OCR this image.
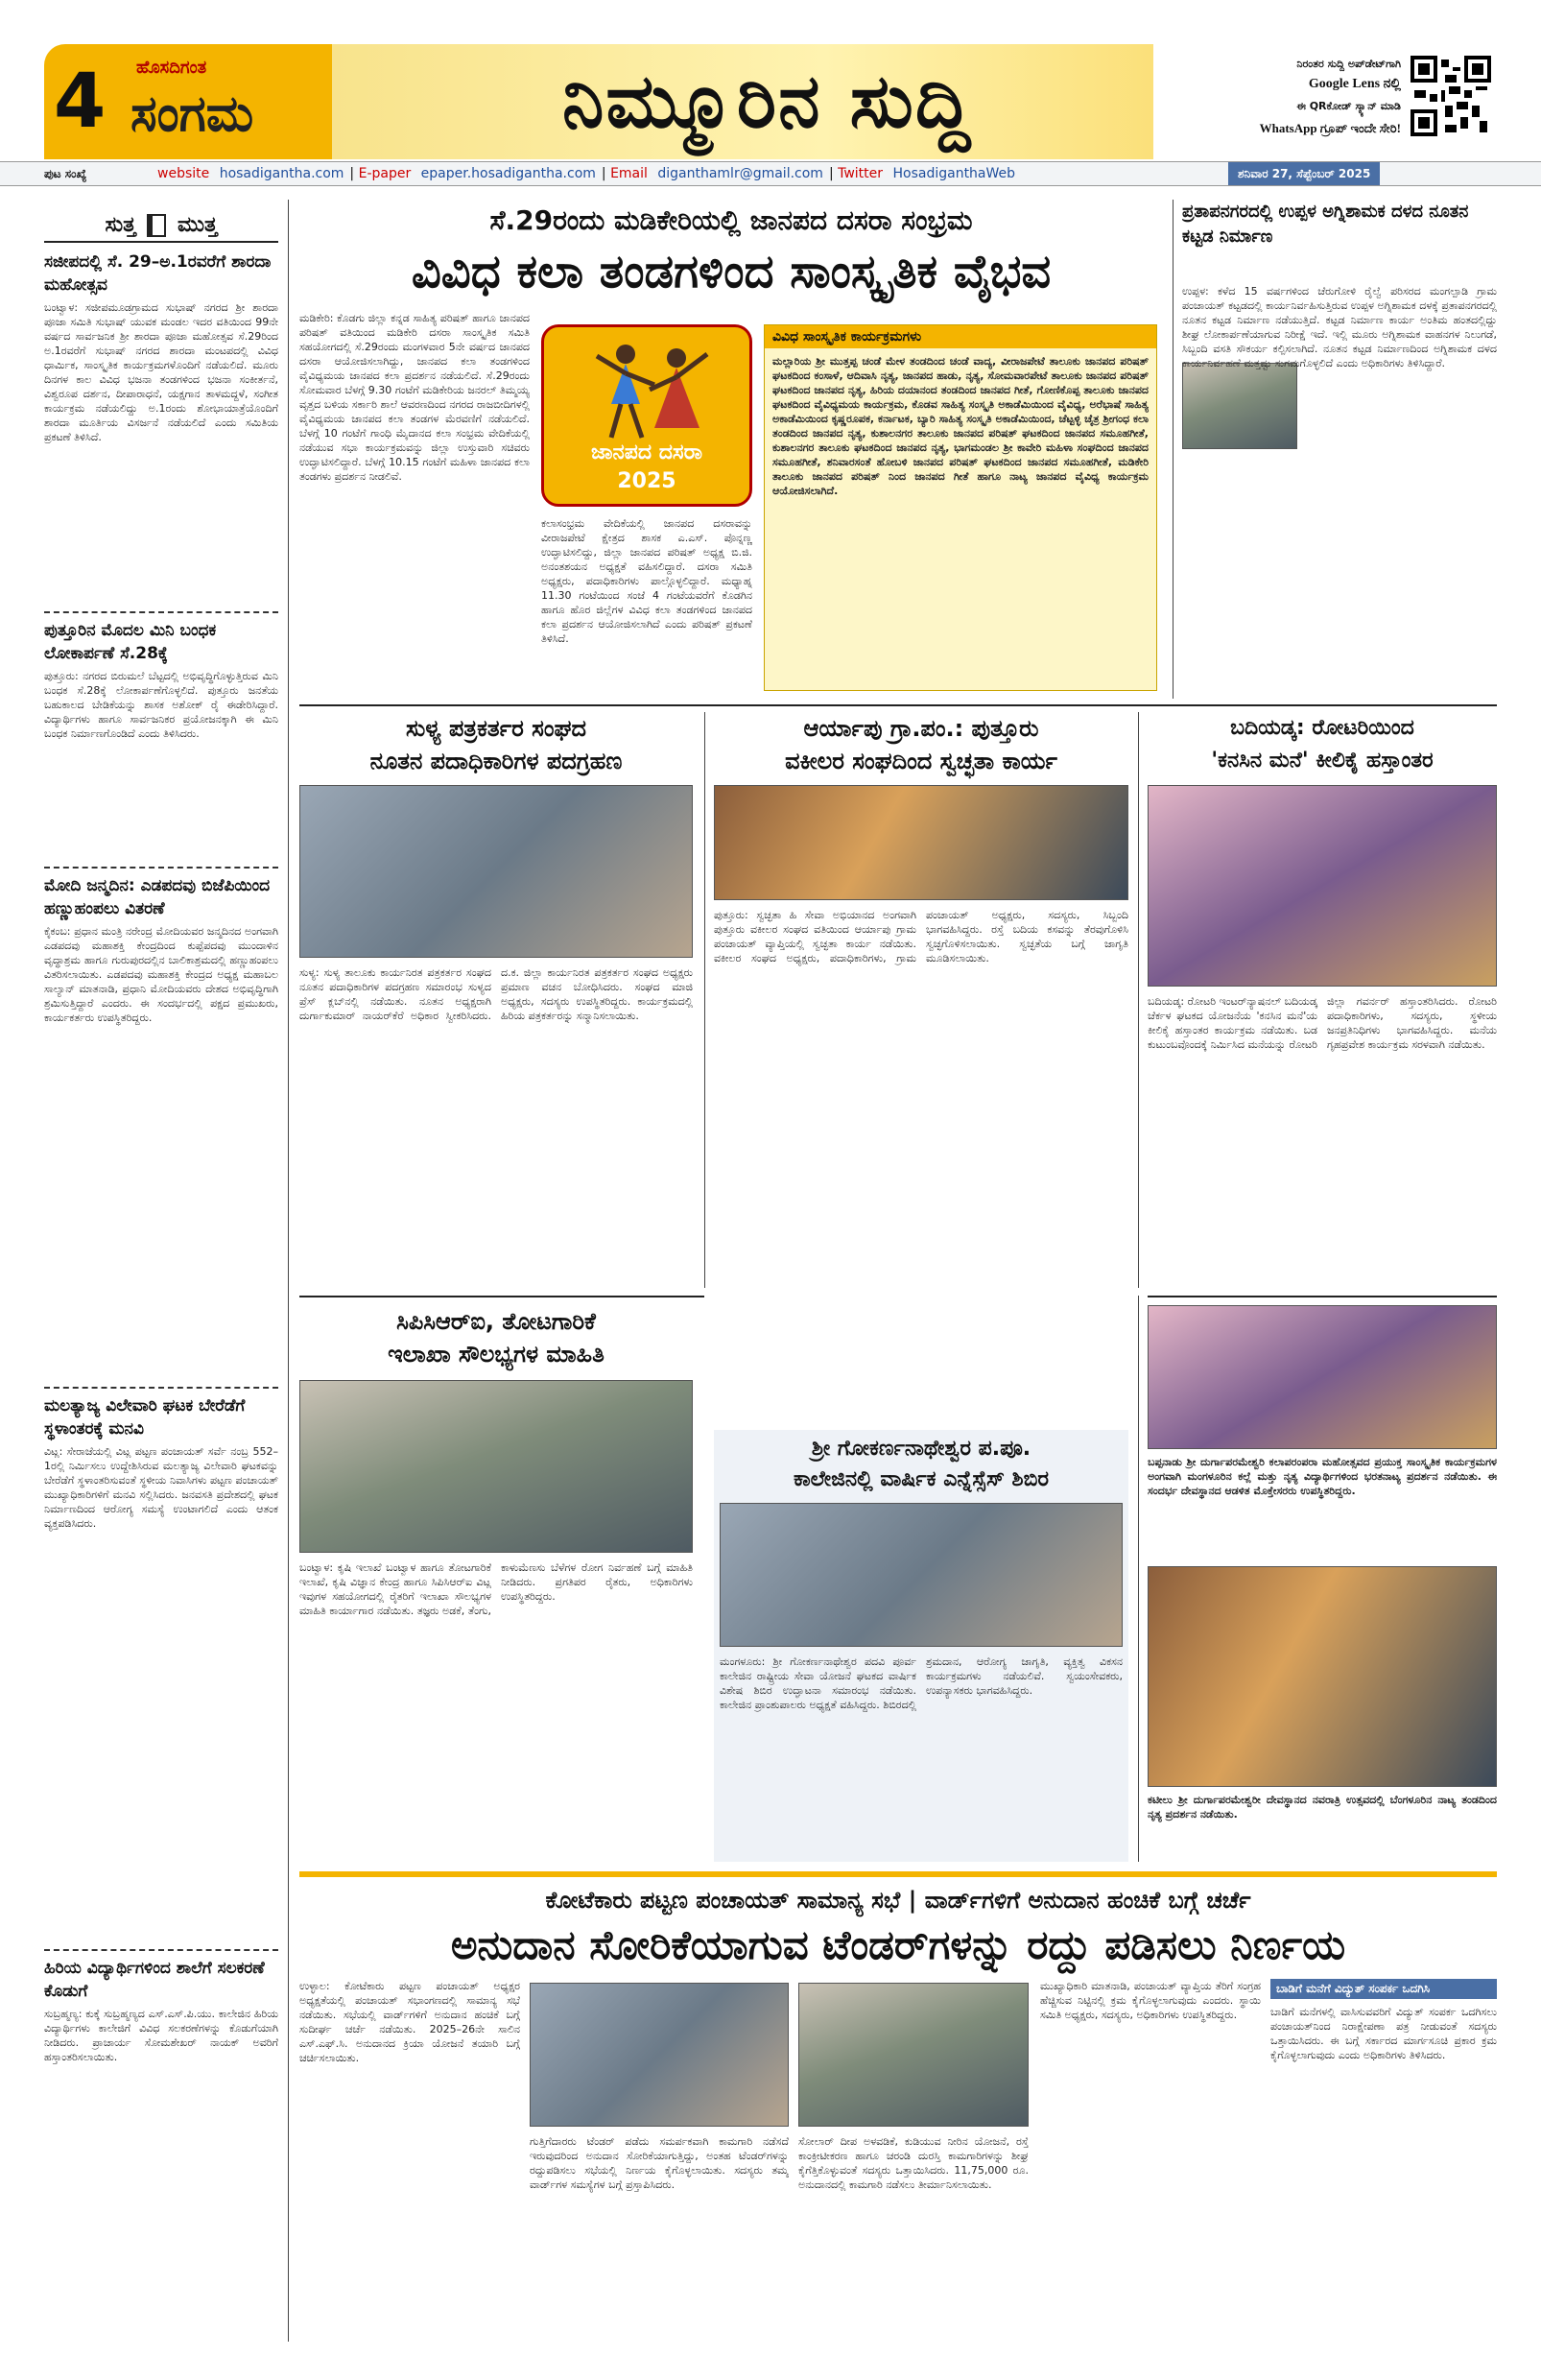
4 ಹೊಸದಿಗಂತ
ಸಂಗಮ	ನಿಮ್ಮೂರಿನ ಸುದ್ದಿ	ನಿರಂತರ ಸುದ್ದಿ ಅಪ್‌ಡೇಟ್‌ಗಾಗಿ
Google Lens ನಲ್ಲಿ
ಈ QRಕೋಡ್ ಸ್ಕ್ಯಾನ್ ಮಾಡಿ
WhatsApp ಗ್ರೂಪ್ ಇಂದೇ ಸೇರಿ!
ಪುಟ ಸಂಖ್ಯೆ	website hosadigantha.com | E-paper epaper.hosadigantha.com | Email diganthamlr@gmail.com | Twitter HosadiganthaWeb	ಶನಿವಾರ 27, ಸೆಪ್ಟೆಂಬರ್ 2025
ಸುತ್ತ ಮುತ್ತ
ಸಜೀಪದಲ್ಲಿ ಸೆ. 29–ಅ.1ರವರೆಗೆ ಶಾರದಾ ಮಹೋತ್ಸವ
ಬಂಟ್ವಾಳ: ಸಜೀಪಮೂಡಗ್ರಾಮದ ಸುಭಾಷ್ ನಗರದ ಶ್ರೀ ಶಾರದಾ ಪೂಜಾ ಸಮಿತಿ ಸುಭಾಷ್ ಯುವಕ ಮಂಡಲ ಇದರ ವತಿಯಿಂದ 99ನೇ ವರ್ಷದ ಸಾರ್ವಜನಿಕ ಶ್ರೀ ಶಾರದಾ ಪೂಜಾ ಮಹೋತ್ಸವ ಸೆ.29ರಿಂದ ಅ.1ರವರೆಗೆ ಸುಭಾಷ್ ನಗರದ ಶಾರದಾ ಮಂಟಪದಲ್ಲಿ ವಿವಿಧ ಧಾರ್ಮಿಕ, ಸಾಂಸ್ಕೃತಿಕ ಕಾರ್ಯಕ್ರಮಗಳೊಂದಿಗೆ ನಡೆಯಲಿದೆ. ಮೂರು ದಿನಗಳ ಕಾಲ ವಿವಿಧ ಭಜನಾ ತಂಡಗಳಿಂದ ಭಜನಾ ಸಂಕೀರ್ತನೆ, ವಿಶ್ವರೂಪ ದರ್ಶನ, ದೀಪಾರಾಧನೆ, ಯಕ್ಷಗಾನ ತಾಳಮದ್ದಳೆ, ಸಂಗೀತ ಕಾರ್ಯಕ್ರಮ ನಡೆಯಲಿದ್ದು ಅ.1ರಂದು ಶೋಭಾಯಾತ್ರೆಯೊಂದಿಗೆ ಶಾರದಾ ಮೂರ್ತಿಯ ವಿಸರ್ಜನೆ ನಡೆಯಲಿದೆ ಎಂದು ಸಮಿತಿಯ ಪ್ರಕಟಣೆ ತಿಳಿಸಿದೆ.
ಪುತ್ತೂರಿನ ಮೊದಲ ಮಿನಿ ಬಂಧಕ ಲೋಕಾರ್ಪಣೆ ಸೆ.28ಕ್ಕೆ
ಪುತ್ತೂರು: ನಗರದ ಬಿರುಮಲೆ ಬೆಟ್ಟದಲ್ಲಿ ಅಭಿವೃದ್ಧಿಗೊಳ್ಳುತ್ತಿರುವ ಮಿನಿ ಬಂಧಕ ಸೆ.28ಕ್ಕೆ ಲೋಕಾರ್ಪಣೆಗೊಳ್ಳಲಿದೆ. ಪುತ್ತೂರು ಜನತೆಯ ಬಹುಕಾಲದ ಬೇಡಿಕೆಯನ್ನು ಶಾಸಕ ಅಶೋಕ್ ರೈ ಈಡೇರಿಸಿದ್ದಾರೆ. ವಿದ್ಯಾರ್ಥಿಗಳು ಹಾಗೂ ಸಾರ್ವಜನಿಕರ ಪ್ರಯೋಜನಕ್ಕಾಗಿ ಈ ಮಿನಿ ಬಂಧಕ ನಿರ್ಮಾಣಗೊಂಡಿದೆ ಎಂದು ತಿಳಿಸಿದರು.
ಮೋದಿ ಜನ್ಮದಿನ: ಎಡಪದವು ಬಿಜೆಪಿಯಿಂದ ಹಣ್ಣುಹಂಪಲು ವಿತರಣೆ
ಕೈಕಂಬ: ಪ್ರಧಾನ ಮಂತ್ರಿ ನರೇಂದ್ರ ಮೋದಿಯವರ ಜನ್ಮದಿನದ ಅಂಗವಾಗಿ ಎಡಪದವು ಮಹಾಶಕ್ತಿ ಕೇಂದ್ರದಿಂದ ಕುಪ್ಪೆಪದವು ಮುಂದಾಳಿನ ವೃದ್ಧಾಶ್ರಮ ಹಾಗೂ ಗುರುಪುರದಲ್ಲಿನ ಬಾಲಿಕಾಶ್ರಮದಲ್ಲಿ ಹಣ್ಣುಹಂಪಲು ವಿತರಿಸಲಾಯಿತು. ಎಡಪದವು ಮಹಾಶಕ್ತಿ ಕೇಂದ್ರದ ಅಧ್ಯಕ್ಷ ಮಹಾಬಲ ಸಾಲ್ಯಾನ್ ಮಾತನಾಡಿ, ಪ್ರಧಾನಿ ಮೋದಿಯವರು ದೇಶದ ಅಭಿವೃದ್ಧಿಗಾಗಿ ಶ್ರಮಿಸುತ್ತಿದ್ದಾರೆ ಎಂದರು. ಈ ಸಂದರ್ಭದಲ್ಲಿ ಪಕ್ಷದ ಪ್ರಮುಖರು, ಕಾರ್ಯಕರ್ತರು ಉಪಸ್ಥಿತರಿದ್ದರು.
ಮಲತ್ಯಾಜ್ಯ ವಿಲೇವಾರಿ ಘಟಕ ಬೇರೆಡೆಗೆ ಸ್ಥಳಾಂತರಕ್ಕೆ ಮನವಿ
ವಿಟ್ಲ: ಸೇರಾಜೆಯಲ್ಲಿ ವಿಟ್ಲ ಪಟ್ಟಣ ಪಂಚಾಯತ್ ಸರ್ವೆ ನಂಬ್ರ 552–1ರಲ್ಲಿ ನಿರ್ಮಿಸಲು ಉದ್ದೇಶಿಸಿರುವ ಮಲತ್ಯಾಜ್ಯ ವಿಲೇವಾರಿ ಘಟಕವನ್ನು ಬೇರೆಡೆಗೆ ಸ್ಥಳಾಂತರಿಸುವಂತೆ ಸ್ಥಳೀಯ ನಿವಾಸಿಗಳು ಪಟ್ಟಣ ಪಂಚಾಯತ್ ಮುಖ್ಯಾಧಿಕಾರಿಗಳಿಗೆ ಮನವಿ ಸಲ್ಲಿಸಿದರು. ಜನವಸತಿ ಪ್ರದೇಶದಲ್ಲಿ ಘಟಕ ನಿರ್ಮಾಣದಿಂದ ಆರೋಗ್ಯ ಸಮಸ್ಯೆ ಉಂಟಾಗಲಿದೆ ಎಂದು ಆತಂಕ ವ್ಯಕ್ತಪಡಿಸಿದರು.
ಹಿರಿಯ ವಿದ್ಯಾರ್ಥಿಗಳಿಂದ ಶಾಲೆಗೆ ಸಲಕರಣೆ ಕೊಡುಗೆ
ಸುಬ್ರಹ್ಮಣ್ಯ: ಕುಕ್ಕೆ ಸುಬ್ರಹ್ಮಣ್ಯದ ಎಸ್.ಎಸ್.ಪಿ.ಯು. ಕಾಲೇಜಿನ ಹಿರಿಯ ವಿದ್ಯಾರ್ಥಿಗಳು ಕಾಲೇಜಿಗೆ ವಿವಿಧ ಸಲಕರಣೆಗಳನ್ನು ಕೊಡುಗೆಯಾಗಿ ನೀಡಿದರು. ಪ್ರಾಚಾರ್ಯ ಸೋಮಶೇಖರ್ ನಾಯಕ್ ಅವರಿಗೆ ಹಸ್ತಾಂತರಿಸಲಾಯಿತು.
ಸೆ.29ರಂದು ಮಡಿಕೇರಿಯಲ್ಲಿ ಜಾನಪದ ದಸರಾ ಸಂಭ್ರಮ
ವಿವಿಧ ಕಲಾ ತಂಡಗಳಿಂದ ಸಾಂಸ್ಕೃತಿಕ ವೈಭವ
ಮಡಿಕೇರಿ: ಕೊಡಗು ಜಿಲ್ಲಾ ಕನ್ನಡ ಸಾಹಿತ್ಯ ಪರಿಷತ್ ಹಾಗೂ ಜಾನಪದ ಪರಿಷತ್ ವತಿಯಿಂದ ಮಡಿಕೇರಿ ದಸರಾ ಸಾಂಸ್ಕೃತಿಕ ಸಮಿತಿ ಸಹಯೋಗದಲ್ಲಿ ಸೆ.29ರಂದು ಮಂಗಳವಾರ 5ನೇ ವರ್ಷದ ಜಾನಪದ ದಸರಾ ಆಯೋಜಿಸಲಾಗಿದ್ದು, ಜಾನಪದ ಕಲಾ ತಂಡಗಳಿಂದ ವೈವಿಧ್ಯಮಯ ಜಾನಪದ ಕಲಾ ಪ್ರದರ್ಶನ ನಡೆಯಲಿದೆ. ಸೆ.29ರಂದು ಸೋಮವಾರ ಬೆಳಗ್ಗೆ 9.30 ಗಂಟೆಗೆ ಮಡಿಕೇರಿಯ ಜನರಲ್ ತಿಮ್ಮಯ್ಯ ವೃತ್ತದ ಬಳಿಯ ಸರ್ಕಾರಿ ಶಾಲೆ ಆವರಣದಿಂದ ನಗರದ ರಾಜಬೀದಿಗಳಲ್ಲಿ ವೈವಿಧ್ಯಮಯ ಜಾನಪದ ಕಲಾ ತಂಡಗಳ ಮೆರವಣಿಗೆ ನಡೆಯಲಿದೆ. ಬೆಳಗ್ಗೆ 10 ಗಂಟೆಗೆ ಗಾಂಧಿ ಮೈದಾನದ ಕಲಾ ಸಂಭ್ರಮ ವೇದಿಕೆಯಲ್ಲಿ ನಡೆಯುವ ಸಭಾ ಕಾರ್ಯಕ್ರಮವನ್ನು ಜಿಲ್ಲಾ ಉಸ್ತುವಾರಿ ಸಚಿವರು ಉದ್ಘಾಟಿಸಲಿದ್ದಾರೆ. ಬೆಳಗ್ಗೆ 10.15 ಗಂಟೆಗೆ ಮಹಿಳಾ ಜಾನಪದ ಕಲಾ ತಂಡಗಳು ಪ್ರದರ್ಶನ ನೀಡಲಿವೆ.
ಜಾನಪದ ದಸರಾ
2025
ಕಲಾಸಂಭ್ರಮ ವೇದಿಕೆಯಲ್ಲಿ ಜಾನಪದ ದಸರಾವನ್ನು ವೀರಾಜಪೇಟೆ ಕ್ಷೇತ್ರದ ಶಾಸಕ ಎ.ಎಸ್. ಪೊನ್ನಣ್ಣ ಉದ್ಘಾಟಿಸಲಿದ್ದು, ಜಿಲ್ಲಾ ಜಾನಪದ ಪರಿಷತ್ ಅಧ್ಯಕ್ಷ ಬಿ.ಜಿ. ಅನಂತಶಯನ ಅಧ್ಯಕ್ಷತೆ ವಹಿಸಲಿದ್ದಾರೆ. ದಸರಾ ಸಮಿತಿ ಅಧ್ಯಕ್ಷರು, ಪದಾಧಿಕಾರಿಗಳು ಪಾಲ್ಗೊಳ್ಳಲಿದ್ದಾರೆ. ಮಧ್ಯಾಹ್ನ 11.30 ಗಂಟೆಯಿಂದ ಸಂಜೆ 4 ಗಂಟೆಯವರೆಗೆ ಕೊಡಗಿನ ಹಾಗೂ ಹೊರ ಜಿಲ್ಲೆಗಳ ವಿವಿಧ ಕಲಾ ತಂಡಗಳಿಂದ ಜಾನಪದ ಕಲಾ ಪ್ರದರ್ಶನ ಆಯೋಜಿಸಲಾಗಿದೆ ಎಂದು ಪರಿಷತ್ ಪ್ರಕಟಣೆ ತಿಳಿಸಿದೆ.
ವಿವಿಧ ಸಾಂಸ್ಕೃತಿಕ ಕಾರ್ಯಕ್ರಮಗಳು
ಮಲ್ಲಾರಿಯ ಶ್ರೀ ಮುತ್ತಪ್ಪ ಚಂಡೆ ಮೇಳ ತಂಡದಿಂದ ಚಂಡೆ ವಾದ್ಯ, ವೀರಾಜಪೇಟೆ ತಾಲೂಕು ಜಾನಪದ ಪರಿಷತ್ ಘಟಕದಿಂದ ಕಂಸಾಳೆ, ಆದಿವಾಸಿ ನೃತ್ಯ, ಜಾನಪದ ಹಾಡು, ನೃತ್ಯ, ಸೋಮವಾರಪೇಟೆ ತಾಲೂಕು ಜಾನಪದ ಪರಿಷತ್ ಘಟಕದಿಂದ ಜಾನಪದ ನೃತ್ಯ, ಹಿರಿಯ ದಯಾನಂದ ತಂಡದಿಂದ ಜಾನಪದ ಗೀತೆ, ಗೋಣಿಕೊಪ್ಪ ತಾಲೂಕು ಜಾನಪದ ಘಟಕದಿಂದ ವೈವಿಧ್ಯಮಯ ಕಾರ್ಯಕ್ರಮ, ಕೊಡವ ಸಾಹಿತ್ಯ ಸಂಸ್ಕೃತಿ ಅಕಾಡೆಮಿಯಿಂದ ವೈವಿಧ್ಯ, ಅರೆಭಾಷೆ ಸಾಹಿತ್ಯ ಅಕಾಡೆಮಿಯಿಂದ ಕೃಷ್ಣರೂಪಕ, ಕರ್ನಾಟಕ, ಬ್ಯಾರಿ ಸಾಹಿತ್ಯ ಸಂಸ್ಕೃತಿ ಅಕಾಡೆಮಿಯಿಂದ, ಚೆಟ್ಟಳ್ಳಿ ಚೈತ್ರ ಶ್ರೀಗಂಧ ಕಲಾ ತಂಡದಿಂದ ಜಾನಪದ ನೃತ್ಯ, ಕುಶಾಲನಗರ ತಾಲೂಕು ಜಾನಪದ ಪರಿಷತ್ ಘಟಕದಿಂದ ಜಾನಪದ ಸಮೂಹಗೀತೆ, ಕುಶಾಲನಗರ ತಾಲೂಕು ಘಟಕದಿಂದ ಜಾನಪದ ನೃತ್ಯ, ಭಾಗಮಂಡಲ ಶ್ರೀ ಕಾವೇರಿ ಮಹಿಳಾ ಸಂಘದಿಂದ ಜಾನಪದ ಸಮೂಹಗೀತೆ, ಶನಿವಾರಸಂತೆ ಹೋಬಳಿ ಜಾನಪದ ಪರಿಷತ್ ಘಟಕದಿಂದ ಜಾನಪದ ಸಮೂಹಗೀತೆ, ಮಡಿಕೇರಿ ತಾಲೂಕು ಜಾನಪದ ಪರಿಷತ್ ನಿಂದ ಜಾನಪದ ಗೀತೆ ಹಾಗೂ ನಾಟ್ಯ ಜಾನಪದ ವೈವಿಧ್ಯ ಕಾರ್ಯಕ್ರಮ ಆಯೋಜಿಸಲಾಗಿದೆ.
ಪ್ರತಾಪನಗರದಲ್ಲಿ ಉಪ್ಪಳ ಅಗ್ನಿಶಾಮಕ ದಳದ ನೂತನ ಕಟ್ಟಡ ನಿರ್ಮಾಣ
ಉಪ್ಪಳ: ಕಳೆದ 15 ವರ್ಷಗಳಿಂದ ಚೆರುಗೋಳಿ ರೈಲ್ವೆ ಪರಿಸರದ ಮಂಗಲ್ಪಾಡಿ ಗ್ರಾಮ ಪಂಚಾಯತ್ ಕಟ್ಟಡದಲ್ಲಿ ಕಾರ್ಯನಿರ್ವಹಿಸುತ್ತಿರುವ ಉಪ್ಪಳ ಅಗ್ನಿಶಾಮಕ ದಳಕ್ಕೆ ಪ್ರತಾಪನಗರದಲ್ಲಿ ನೂತನ ಕಟ್ಟಡ ನಿರ್ಮಾಣ ನಡೆಯುತ್ತಿದೆ. ಕಟ್ಟಡ ನಿರ್ಮಾಣ ಕಾರ್ಯ ಅಂತಿಮ ಹಂತದಲ್ಲಿದ್ದು ಶೀಘ್ರ ಲೋಕಾರ್ಪಣೆಯಾಗುವ ನಿರೀಕ್ಷೆ ಇದೆ. ಇಲ್ಲಿ ಮೂರು ಅಗ್ನಿಶಾಮಕ ವಾಹನಗಳ ನಿಲುಗಡೆ, ಸಿಬ್ಬಂದಿ ವಸತಿ ಸೌಕರ್ಯ ಕಲ್ಪಿಸಲಾಗಿದೆ. ನೂತನ ಕಟ್ಟಡ ನಿರ್ಮಾಣದಿಂದ ಅಗ್ನಿಶಾಮಕ ದಳದ ಕಾರ್ಯನಿರ್ವಹಣೆ ಮತ್ತಷ್ಟು ಸುಗಮಗೊಳ್ಳಲಿದೆ ಎಂದು ಅಧಿಕಾರಿಗಳು ತಿಳಿಸಿದ್ದಾರೆ.
ಸುಳ್ಯ ಪತ್ರಕರ್ತರ ಸಂಘದ
ನೂತನ ಪದಾಧಿಕಾರಿಗಳ ಪದಗ್ರಹಣ
ಸುಳ್ಯ: ಸುಳ್ಯ ತಾಲೂಕು ಕಾರ್ಯನಿರತ ಪತ್ರಕರ್ತರ ಸಂಘದ ನೂತನ ಪದಾಧಿಕಾರಿಗಳ ಪದಗ್ರಹಣ ಸಮಾರಂಭ ಸುಳ್ಯದ ಪ್ರೆಸ್ ಕ್ಲಬ್‌ನಲ್ಲಿ ನಡೆಯಿತು. ನೂತನ ಅಧ್ಯಕ್ಷರಾಗಿ ದುರ್ಗಾಕುಮಾರ್ ನಾಯರ್‌ಕೆರೆ ಅಧಿಕಾರ ಸ್ವೀಕರಿಸಿದರು. ದ.ಕ. ಜಿಲ್ಲಾ ಕಾರ್ಯನಿರತ ಪತ್ರಕರ್ತರ ಸಂಘದ ಅಧ್ಯಕ್ಷರು ಪ್ರಮಾಣ ವಚನ ಬೋಧಿಸಿದರು. ಸಂಘದ ಮಾಜಿ ಅಧ್ಯಕ್ಷರು, ಸದಸ್ಯರು ಉಪಸ್ಥಿತರಿದ್ದರು. ಕಾರ್ಯಕ್ರಮದಲ್ಲಿ ಹಿರಿಯ ಪತ್ರಕರ್ತರನ್ನು ಸನ್ಮಾನಿಸಲಾಯಿತು.
ಆರ್ಯಾಪು ಗ್ರಾ.ಪಂ.: ಪುತ್ತೂರು
ವಕೀಲರ ಸಂಘದಿಂದ ಸ್ವಚ್ಛತಾ ಕಾರ್ಯ
ಪುತ್ತೂರು: ಸ್ವಚ್ಛತಾ ಹಿ ಸೇವಾ ಅಭಿಯಾನದ ಅಂಗವಾಗಿ ಪುತ್ತೂರು ವಕೀಲರ ಸಂಘದ ವತಿಯಿಂದ ಆರ್ಯಾಪು ಗ್ರಾಮ ಪಂಚಾಯತ್ ವ್ಯಾಪ್ತಿಯಲ್ಲಿ ಸ್ವಚ್ಛತಾ ಕಾರ್ಯ ನಡೆಯಿತು. ವಕೀಲರ ಸಂಘದ ಅಧ್ಯಕ್ಷರು, ಪದಾಧಿಕಾರಿಗಳು, ಗ್ರಾಮ ಪಂಚಾಯತ್ ಅಧ್ಯಕ್ಷರು, ಸದಸ್ಯರು, ಸಿಬ್ಬಂದಿ ಭಾಗವಹಿಸಿದ್ದರು. ರಸ್ತೆ ಬದಿಯ ಕಸವನ್ನು ತೆರವುಗೊಳಿಸಿ ಸ್ವಚ್ಛಗೊಳಿಸಲಾಯಿತು. ಸ್ವಚ್ಛತೆಯ ಬಗ್ಗೆ ಜಾಗೃತಿ ಮೂಡಿಸಲಾಯಿತು.
ಬದಿಯಡ್ಕ: ರೋಟರಿಯಿಂದ
'ಕನಸಿನ ಮನೆ' ಕೀಲಿಕೈ ಹಸ್ತಾಂತರ
ಬದಿಯಡ್ಕ: ರೋಟರಿ ಇಂಟರ್‌ನ್ಯಾಷನಲ್ ಬದಿಯಡ್ಕ ಚೆರ್ಕಳ ಘಟಕದ ಯೋಜನೆಯ 'ಕನಸಿನ ಮನೆ'ಯ ಕೀಲಿಕೈ ಹಸ್ತಾಂತರ ಕಾರ್ಯಕ್ರಮ ನಡೆಯಿತು. ಬಡ ಕುಟುಂಬವೊಂದಕ್ಕೆ ನಿರ್ಮಿಸಿದ ಮನೆಯನ್ನು ರೋಟರಿ ಜಿಲ್ಲಾ ಗವರ್ನರ್ ಹಸ್ತಾಂತರಿಸಿದರು. ರೋಟರಿ ಪದಾಧಿಕಾರಿಗಳು, ಸದಸ್ಯರು, ಸ್ಥಳೀಯ ಜನಪ್ರತಿನಿಧಿಗಳು ಭಾಗವಹಿಸಿದ್ದರು. ಮನೆಯ ಗೃಹಪ್ರವೇಶ ಕಾರ್ಯಕ್ರಮ ಸರಳವಾಗಿ ನಡೆಯಿತು.
ಸಿಪಿಸಿಆರ್‌ಐ, ತೋಟಗಾರಿಕೆ
ಇಲಾಖಾ ಸೌಲಭ್ಯಗಳ ಮಾಹಿತಿ
ಬಂಟ್ವಾಳ: ಕೃಷಿ ಇಲಾಖೆ ಬಂಟ್ವಾಳ ಹಾಗೂ ತೋಟಗಾರಿಕೆ ಇಲಾಖೆ, ಕೃಷಿ ವಿಜ್ಞಾನ ಕೇಂದ್ರ ಹಾಗೂ ಸಿಪಿಸಿಆರ್‌ಐ ವಿಟ್ಲ ಇವುಗಳ ಸಹಯೋಗದಲ್ಲಿ ರೈತರಿಗೆ ಇಲಾಖಾ ಸೌಲಭ್ಯಗಳ ಮಾಹಿತಿ ಕಾರ್ಯಾಗಾರ ನಡೆಯಿತು. ತಜ್ಞರು ಅಡಕೆ, ತೆಂಗು, ಕಾಳುಮೆಣಸು ಬೆಳೆಗಳ ರೋಗ ನಿರ್ವಹಣೆ ಬಗ್ಗೆ ಮಾಹಿತಿ ನೀಡಿದರು. ಪ್ರಗತಿಪರ ರೈತರು, ಅಧಿಕಾರಿಗಳು ಉಪಸ್ಥಿತರಿದ್ದರು.
ಶ್ರೀ ಗೋಕರ್ಣನಾಥೇಶ್ವರ ಪ.ಪೂ.
ಕಾಲೇಜಿನಲ್ಲಿ ವಾರ್ಷಿಕ ಎನ್ನೆಸ್ಸೆಸ್ ಶಿಬಿರ
ಮಂಗಳೂರು: ಶ್ರೀ ಗೋಕರ್ಣನಾಥೇಶ್ವರ ಪದವಿ ಪೂರ್ವ ಕಾಲೇಜಿನ ರಾಷ್ಟ್ರೀಯ ಸೇವಾ ಯೋಜನೆ ಘಟಕದ ವಾರ್ಷಿಕ ವಿಶೇಷ ಶಿಬಿರ ಉದ್ಘಾಟನಾ ಸಮಾರಂಭ ನಡೆಯಿತು. ಕಾಲೇಜಿನ ಪ್ರಾಂಶುಪಾಲರು ಅಧ್ಯಕ್ಷತೆ ವಹಿಸಿದ್ದರು. ಶಿಬಿರದಲ್ಲಿ ಶ್ರಮದಾನ, ಆರೋಗ್ಯ ಜಾಗೃತಿ, ವ್ಯಕ್ತಿತ್ವ ವಿಕಸನ ಕಾರ್ಯಕ್ರಮಗಳು ನಡೆಯಲಿವೆ. ಸ್ವಯಂಸೇವಕರು, ಉಪನ್ಯಾಸಕರು ಭಾಗವಹಿಸಿದ್ದರು.
ಬಪ್ಪನಾಡು ಶ್ರೀ ದುರ್ಗಾಪರಮೇಶ್ವರಿ ಕಲಾಪರಂಪರಾ ಮಹೋತ್ಸವದ ಪ್ರಯುಕ್ತ ಸಾಂಸ್ಕೃತಿಕ ಕಾರ್ಯಕ್ರಮಗಳ ಅಂಗವಾಗಿ ಮಂಗಳೂರಿನ ಕಲ್ಲೆ ಮತ್ತು ನೃತ್ಯ ವಿದ್ಯಾರ್ಥಿಗಳಿಂದ ಭರತನಾಟ್ಯ ಪ್ರದರ್ಶನ ನಡೆಯಿತು. ಈ ಸಂದರ್ಭ ದೇವಸ್ಥಾನದ ಆಡಳಿತ ಮೊಕ್ತೇಸರರು ಉಪಸ್ಥಿತರಿದ್ದರು.
ಕಟೀಲು ಶ್ರೀ ದುರ್ಗಾಪರಮೇಶ್ವರೀ ದೇವಸ್ಥಾನದ ನವರಾತ್ರಿ ಉತ್ಸವದಲ್ಲಿ ಬೆಂಗಳೂರಿನ ನಾಟ್ಯ ತಂಡದಿಂದ ನೃತ್ಯ ಪ್ರದರ್ಶನ ನಡೆಯಿತು.
ಕೋಟೆಕಾರು ಪಟ್ಟಣ ಪಂಚಾಯತ್ ಸಾಮಾನ್ಯ ಸಭೆ | ವಾರ್ಡ್‌ಗಳಿಗೆ ಅನುದಾನ ಹಂಚಿಕೆ ಬಗ್ಗೆ ಚರ್ಚೆ
ಅನುದಾನ ಸೋರಿಕೆಯಾಗುವ ಟೆಂಡರ್‌ಗಳನ್ನು ರದ್ದು ಪಡಿಸಲು ನಿರ್ಣಯ
ಉಳ್ಳಾಲ: ಕೋಟೆಕಾರು ಪಟ್ಟಣ ಪಂಚಾಯತ್ ಅಧ್ಯಕ್ಷರ ಅಧ್ಯಕ್ಷತೆಯಲ್ಲಿ ಪಂಚಾಯತ್ ಸಭಾಂಗಣದಲ್ಲಿ ಸಾಮಾನ್ಯ ಸಭೆ ನಡೆಯಿತು. ಸಭೆಯಲ್ಲಿ ವಾರ್ಡ್‌ಗಳಿಗೆ ಅನುದಾನ ಹಂಚಿಕೆ ಬಗ್ಗೆ ಸುದೀರ್ಘ ಚರ್ಚೆ ನಡೆಯಿತು. 2025–26ನೇ ಸಾಲಿನ ಎಸ್.ಎಫ್.ಸಿ. ಅನುದಾನದ ಕ್ರಿಯಾ ಯೋಜನೆ ತಯಾರಿ ಬಗ್ಗೆ ಚರ್ಚಿಸಲಾಯಿತು.
ಗುತ್ತಿಗೆದಾರರು ಟೆಂಡರ್ ಪಡೆದು ಸಮರ್ಪಕವಾಗಿ ಕಾಮಗಾರಿ ನಡೆಸದೆ ಇರುವುದರಿಂದ ಅನುದಾನ ಸೋರಿಕೆಯಾಗುತ್ತಿದ್ದು, ಅಂತಹ ಟೆಂಡರ್‌ಗಳನ್ನು ರದ್ದುಪಡಿಸಲು ಸಭೆಯಲ್ಲಿ ನಿರ್ಣಯ ಕೈಗೊಳ್ಳಲಾಯಿತು. ಸದಸ್ಯರು ತಮ್ಮ ವಾರ್ಡ್‌ಗಳ ಸಮಸ್ಯೆಗಳ ಬಗ್ಗೆ ಪ್ರಸ್ತಾಪಿಸಿದರು.
ಸೋಲಾರ್ ದೀಪ ಅಳವಡಿಕೆ, ಕುಡಿಯುವ ನೀರಿನ ಯೋಜನೆ, ರಸ್ತೆ ಕಾಂಕ್ರೀಟೀಕರಣ ಹಾಗೂ ಚರಂಡಿ ದುರಸ್ತಿ ಕಾಮಗಾರಿಗಳನ್ನು ಶೀಘ್ರ ಕೈಗೆತ್ತಿಕೊಳ್ಳುವಂತೆ ಸದಸ್ಯರು ಒತ್ತಾಯಿಸಿದರು. 11,75,000 ರೂ. ಅನುದಾನದಲ್ಲಿ ಕಾಮಗಾರಿ ನಡೆಸಲು ತೀರ್ಮಾನಿಸಲಾಯಿತು.
ಮುಖ್ಯಾಧಿಕಾರಿ ಮಾತನಾಡಿ, ಪಂಚಾಯತ್ ವ್ಯಾಪ್ತಿಯ ತೆರಿಗೆ ಸಂಗ್ರಹ ಹೆಚ್ಚಿಸುವ ನಿಟ್ಟಿನಲ್ಲಿ ಕ್ರಮ ಕೈಗೊಳ್ಳಲಾಗುವುದು ಎಂದರು. ಸ್ಥಾಯಿ ಸಮಿತಿ ಅಧ್ಯಕ್ಷರು, ಸದಸ್ಯರು, ಅಧಿಕಾರಿಗಳು ಉಪಸ್ಥಿತರಿದ್ದರು.
ಬಾಡಿಗೆ ಮನೆಗೆ ವಿದ್ಯುತ್ ಸಂಪರ್ಕ ಒದಗಿಸಿ
ಬಾಡಿಗೆ ಮನೆಗಳಲ್ಲಿ ವಾಸಿಸುವವರಿಗೆ ವಿದ್ಯುತ್ ಸಂಪರ್ಕ ಒದಗಿಸಲು ಪಂಚಾಯತ್‌ನಿಂದ ನಿರಾಕ್ಷೇಪಣಾ ಪತ್ರ ನೀಡುವಂತೆ ಸದಸ್ಯರು ಒತ್ತಾಯಿಸಿದರು. ಈ ಬಗ್ಗೆ ಸರ್ಕಾರದ ಮಾರ್ಗಸೂಚಿ ಪ್ರಕಾರ ಕ್ರಮ ಕೈಗೊಳ್ಳಲಾಗುವುದು ಎಂದು ಅಧಿಕಾರಿಗಳು ತಿಳಿಸಿದರು.
